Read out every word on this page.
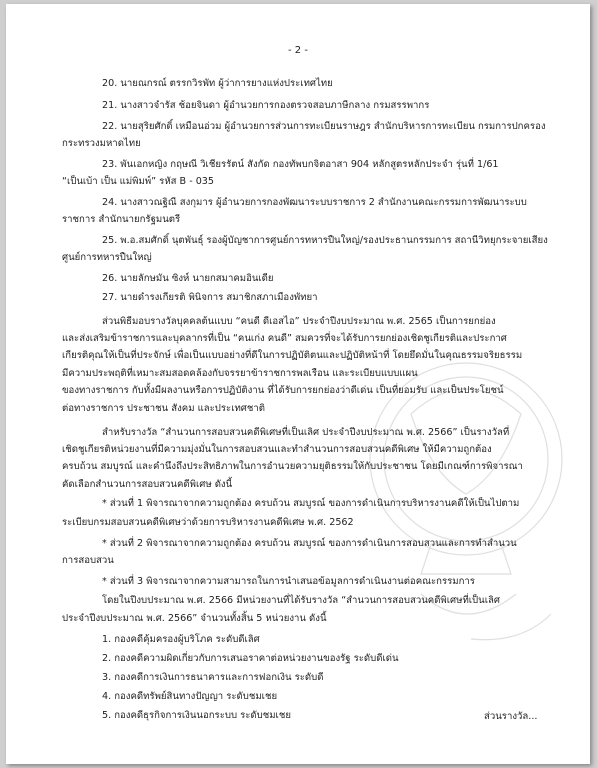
- 2 -
20. นายณกรณ์ ตรรกวิรพัท ผู้ว่าการยางแห่งประเทศไทย
21. นางสาวจำรัส ช้อยจินดา ผู้อำนวยการกองตรวจสอบภาษีกลาง กรมสรรพากร
22. นายสุริยศักดิ์ เหมือนอ่วม ผู้อำนวยการส่วนการทะเบียนราษฎร สำนักบริหารการทะเบียน กรมการปกครอง
กระทรวงมหาดไทย
23. พันเอกหญิง กฤษณี วิเชียรรัตน์ สังกัด กองทัพบกจิตอาสา 904 หลักสูตรหลักประจำ รุ่นที่ 1/61
“เป็นเบ้า เป็น แม่พิมพ์” รหัส B - 035
24. นางสาวณฐิณี สงกุมาร ผู้อำนวยการกองพัฒนาระบบราชการ 2 สำนักงานคณะกรรมการพัฒนาระบบ
ราชการ สำนักนายกรัฐมนตรี
25. พ.อ.สมศักดิ์ นุตพันธุ์ รองผู้บัญชาการศูนย์การทหารปืนใหญ่/รองประธานกรรมการ สถานีวิทยุกระจายเสียง
ศูนย์การทหารปืนใหญ่
26. นายลักษมัน ซิงห์ นายกสมาคมอินเดีย
27. นายดำรงเกียรติ พินิจการ สมาชิกสภาเมืองพัทยา
ส่วนพิธีมอบรางวัลบุคคลต้นแบบ “คนดี ดีเอสไอ” ประจำปีงบประมาณ พ.ศ. 2565 เป็นการยกย่อง
และส่งเสริมข้าราชการและบุคลากรที่เป็น “คนเก่ง คนดี” สมควรที่จะได้รับการยกย่องเชิดชูเกียรติและประกาศ
เกียรติคุณให้เป็นที่ประจักษ์ เพื่อเป็นแบบอย่างที่ดีในการปฏิบัติตนและปฏิบัติหน้าที่ โดยยึดมั่นในคุณธรรมจริยธรรม
มีความประพฤติที่เหมาะสมสอดคล้องกับจรรยาข้าราชการพลเรือน และระเบียบแบบแผน
ของทางราชการ กับทั้งมีผลงานหรือการปฏิบัติงาน ที่ได้รับการยกย่องว่าดีเด่น เป็นที่ยอมรับ และเป็นประโยชน์
ต่อทางราชการ ประชาชน สังคม และประเทศชาติ
สำหรับรางวัล “สำนวนการสอบสวนคดีพิเศษที่เป็นเลิศ ประจำปีงบประมาณ พ.ศ. 2566” เป็นรางวัลที่
เชิดชูเกียรติหน่วยงานที่มีความมุ่งมั่นในการสอบสวนและทำสำนวนการสอบสวนคดีพิเศษ ให้มีความถูกต้อง
ครบถ้วน สมบูรณ์ และคำนึงถึงประสิทธิภาพในการอำนวยความยุติธรรมให้กับประชาชน โดยมีเกณฑ์การพิจารณา
คัดเลือกสำนวนการสอบสวนคดีพิเศษ ดังนี้
* ส่วนที่ 1 พิจารณาจากความถูกต้อง ครบถ้วน สมบูรณ์ ของการดำเนินการบริหารงานคดีให้เป็นไปตาม
ระเบียบกรมสอบสวนคดีพิเศษว่าด้วยการบริหารงานคดีพิเศษ พ.ศ. 2562
* ส่วนที่ 2 พิจารณาจากความถูกต้อง ครบถ้วน สมบูรณ์ ของการดำเนินการสอบสวนและการทำสำนวน
การสอบสวน
* ส่วนที่ 3 พิจารณาจากความสามารถในการนำเสนอข้อมูลการดำเนินงานต่อคณะกรรมการ
โดยในปีงบประมาณ พ.ศ. 2566 มีหน่วยงานที่ได้รับรางวัล “สำนวนการสอบสวนคดีพิเศษที่เป็นเลิศ
ประจำปีงบประมาณ พ.ศ. 2566” จำนวนทั้งสิ้น 5 หน่วยงาน ดังนี้
1. กองคดีคุ้มครองผู้บริโภค ระดับดีเลิศ
2. กองคดีความผิดเกี่ยวกับการเสนอราคาต่อหน่วยงานของรัฐ ระดับดีเด่น
3. กองคดีการเงินการธนาคารและการฟอกเงิน ระดับดี
4. กองคดีทรัพย์สินทางปัญญา ระดับชมเชย
5. กองคดีธุรกิจการเงินนอกระบบ ระดับชมเชย	ส่วนรางวัล...
